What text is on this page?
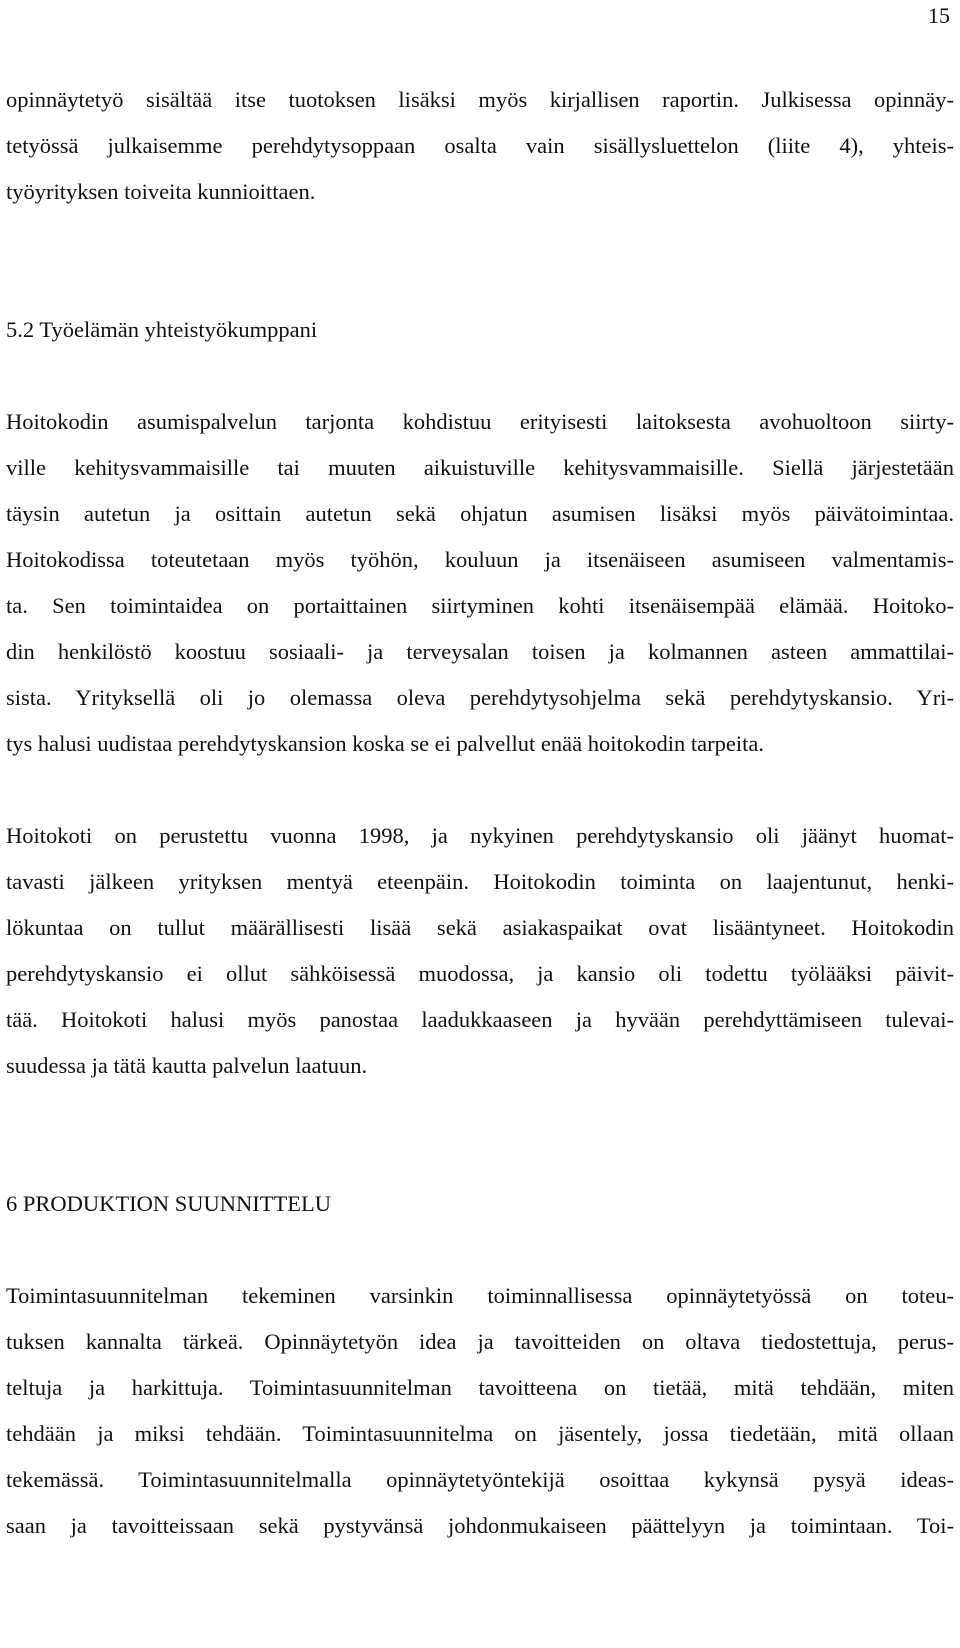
15
opinnäytetyö sisältää itse tuotoksen lisäksi myös kirjallisen raportin. Julkisessa opinnäy-
tetyössä julkaisemme perehdytysoppaan osalta vain sisällysluettelon (liite 4), yhteis-
työyrityksen toiveita kunnioittaen.
5.2 Työelämän yhteistyökumppani
Hoitokodin asumispalvelun tarjonta kohdistuu erityisesti laitoksesta avohuoltoon siirty-
ville kehitysvammaisille tai muuten aikuistuville kehitysvammaisille. Siellä järjestetään
täysin autetun ja osittain autetun sekä ohjatun asumisen lisäksi myös päivätoimintaa.
Hoitokodissa toteutetaan myös työhön, kouluun ja itsenäiseen asumiseen valmentamis-
ta. Sen toimintaidea on portaittainen siirtyminen kohti itsenäisempää elämää. Hoitoko-
din henkilöstö koostuu sosiaali- ja terveysalan toisen ja kolmannen asteen ammattilai-
sista. Yrityksellä oli jo olemassa oleva perehdytysohjelma sekä perehdytyskansio. Yri-
tys halusi uudistaa perehdytyskansion koska se ei palvellut enää hoitokodin tarpeita.
Hoitokoti on perustettu vuonna 1998, ja nykyinen perehdytyskansio oli jäänyt huomat-
tavasti jälkeen yrityksen mentyä eteenpäin. Hoitokodin toiminta on laajentunut, henki-
lökuntaa on tullut määrällisesti lisää sekä asiakaspaikat ovat lisääntyneet. Hoitokodin
perehdytyskansio ei ollut sähköisessä muodossa, ja kansio oli todettu työlääksi päivit-
tää. Hoitokoti halusi myös panostaa laadukkaaseen ja hyvään perehdyttämiseen tulevai-
suudessa ja tätä kautta palvelun laatuun.
6 PRODUKTION SUUNNITTELU
Toimintasuunnitelman tekeminen varsinkin toiminnallisessa opinnäytetyössä on toteu-
tuksen kannalta tärkeä. Opinnäytetyön idea ja tavoitteiden on oltava tiedostettuja, perus-
teltuja ja harkittuja. Toimintasuunnitelman tavoitteena on tietää, mitä tehdään, miten
tehdään ja miksi tehdään. Toimintasuunnitelma on jäsentely, jossa tiedetään, mitä ollaan
tekemässä. Toimintasuunnitelmalla opinnäytetyöntekijä osoittaa kykynsä pysyä ideas-
saan ja tavoitteissaan sekä pystyvänsä johdonmukaiseen päättelyyn ja toimintaan. Toi-
